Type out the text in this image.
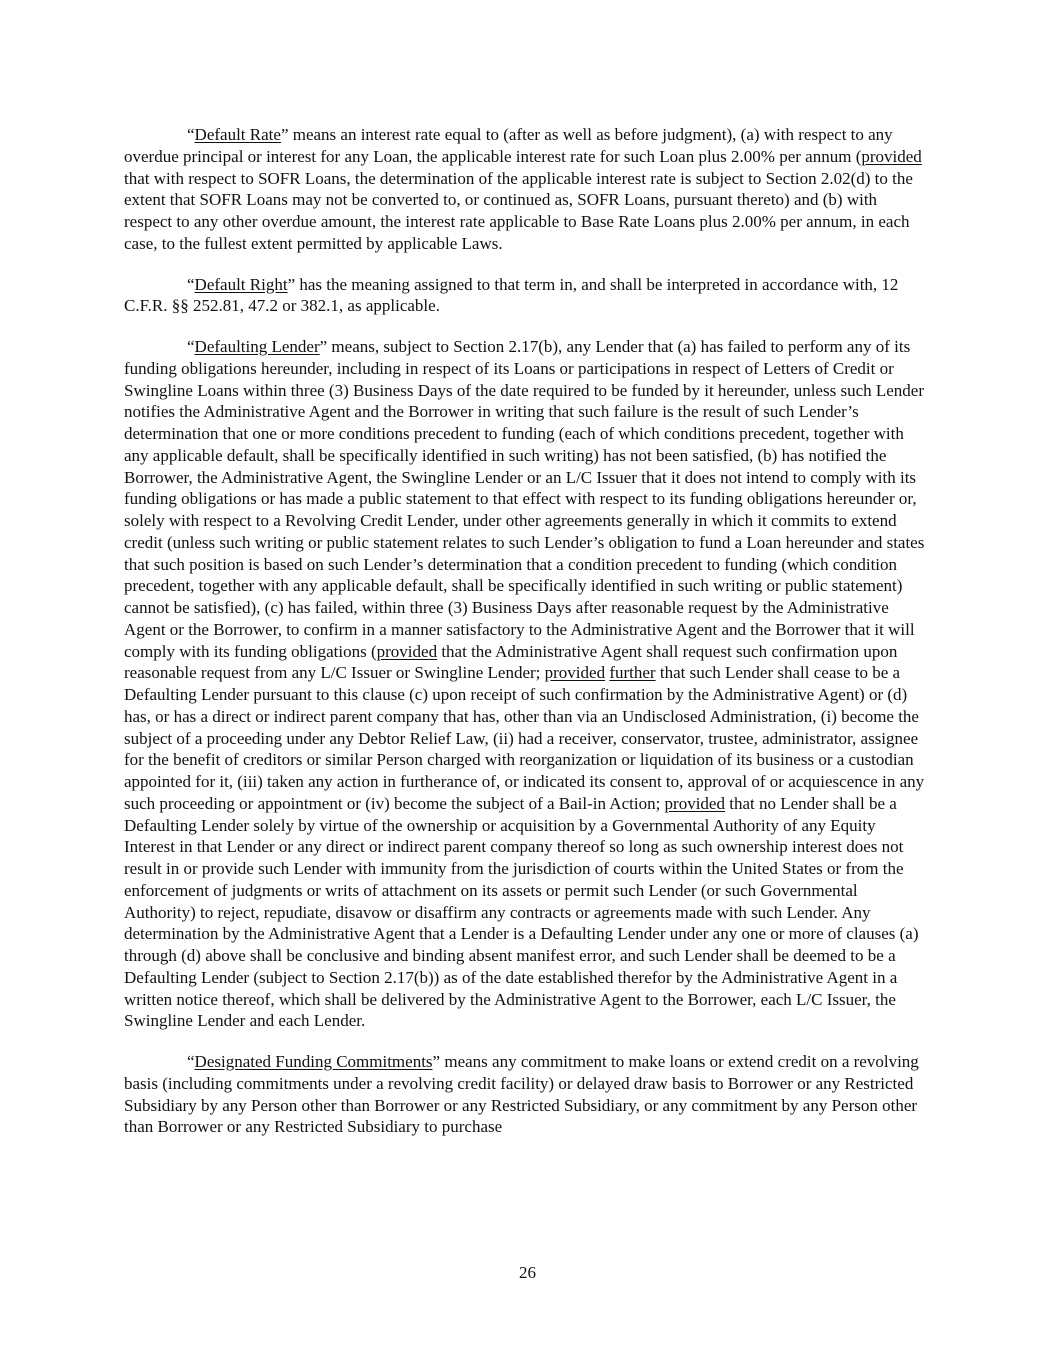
“Default Rate” means an interest rate equal to (after as well as before judgment), (a) with respect to any overdue principal or interest for any Loan, the applicable interest rate for such Loan plus 2.00% per annum (provided that with respect to SOFR Loans, the determination of the applicable interest rate is subject to Section 2.02(d) to the extent that SOFR Loans may not be converted to, or continued as, SOFR Loans, pursuant thereto) and (b) with respect to any other overdue amount, the interest rate applicable to Base Rate Loans plus 2.00% per annum, in each case, to the fullest extent permitted by applicable Laws.

“Default Right” has the meaning assigned to that term in, and shall be interpreted in accordance with, 12 C.F.R. §§ 252.81, 47.2 or 382.1, as applicable.

“Defaulting Lender” means, subject to Section 2.17(b), any Lender that (a) has failed to perform any of its funding obligations hereunder, including in respect of its Loans or participations in respect of Letters of Credit or Swingline Loans within three (3) Business Days of the date required to be funded by it hereunder, unless such Lender notifies the Administrative Agent and the Borrower in writing that such failure is the result of such Lender’s determination that one or more conditions precedent to funding (each of which conditions precedent, together with any applicable default, shall be specifically identified in such writing) has not been satisfied, (b) has notified the Borrower, the Administrative Agent, the Swingline Lender or an L/C Issuer that it does not intend to comply with its funding obligations or has made a public statement to that effect with respect to its funding obligations hereunder or, solely with respect to a Revolving Credit Lender, under other agreements generally in which it commits to extend credit (unless such writing or public statement relates to such Lender’s obligation to fund a Loan hereunder and states that such position is based on such Lender’s determination that a condition precedent to funding (which condition precedent, together with any applicable default, shall be specifically identified in such writing or public statement) cannot be satisfied), (c) has failed, within three (3) Business Days after reasonable request by the Administrative Agent or the Borrower, to confirm in a manner satisfactory to the Administrative Agent and the Borrower that it will comply with its funding obligations (provided that the Administrative Agent shall request such confirmation upon reasonable request from any L/C Issuer or Swingline Lender; provided further that such Lender shall cease to be a Defaulting Lender pursuant to this clause (c) upon receipt of such confirmation by the Administrative Agent) or (d) has, or has a direct or indirect parent company that has, other than via an Undisclosed Administration, (i) become the subject of a proceeding under any Debtor Relief Law, (ii) had a receiver, conservator, trustee, administrator, assignee for the benefit of creditors or similar Person charged with reorganization or liquidation of its business or a custodian appointed for it, (iii) taken any action in furtherance of, or indicated its consent to, approval of or acquiescence in any such proceeding or appointment or (iv) become the subject of a Bail-in Action; provided that no Lender shall be a Defaulting Lender solely by virtue of the ownership or acquisition by a Governmental Authority of any Equity Interest in that Lender or any direct or indirect parent company thereof so long as such ownership interest does not result in or provide such Lender with immunity from the jurisdiction of courts within the United States or from the enforcement of judgments or writs of attachment on its assets or permit such Lender (or such Governmental Authority) to reject, repudiate, disavow or disaffirm any contracts or agreements made with such Lender. Any determination by the Administrative Agent that a Lender is a Defaulting Lender under any one or more of clauses (a) through (d) above shall be conclusive and binding absent manifest error, and such Lender shall be deemed to be a Defaulting Lender (subject to Section 2.17(b)) as of the date established therefor by the Administrative Agent in a written notice thereof, which shall be delivered by the Administrative Agent to the Borrower, each L/C Issuer, the Swingline Lender and each Lender.

“Designated Funding Commitments” means any commitment to make loans or extend credit on a revolving basis (including commitments under a revolving credit facility) or delayed draw basis to Borrower or any Restricted Subsidiary by any Person other than Borrower or any Restricted Subsidiary, or any commitment by any Person other than Borrower or any Restricted Subsidiary to purchase

26
